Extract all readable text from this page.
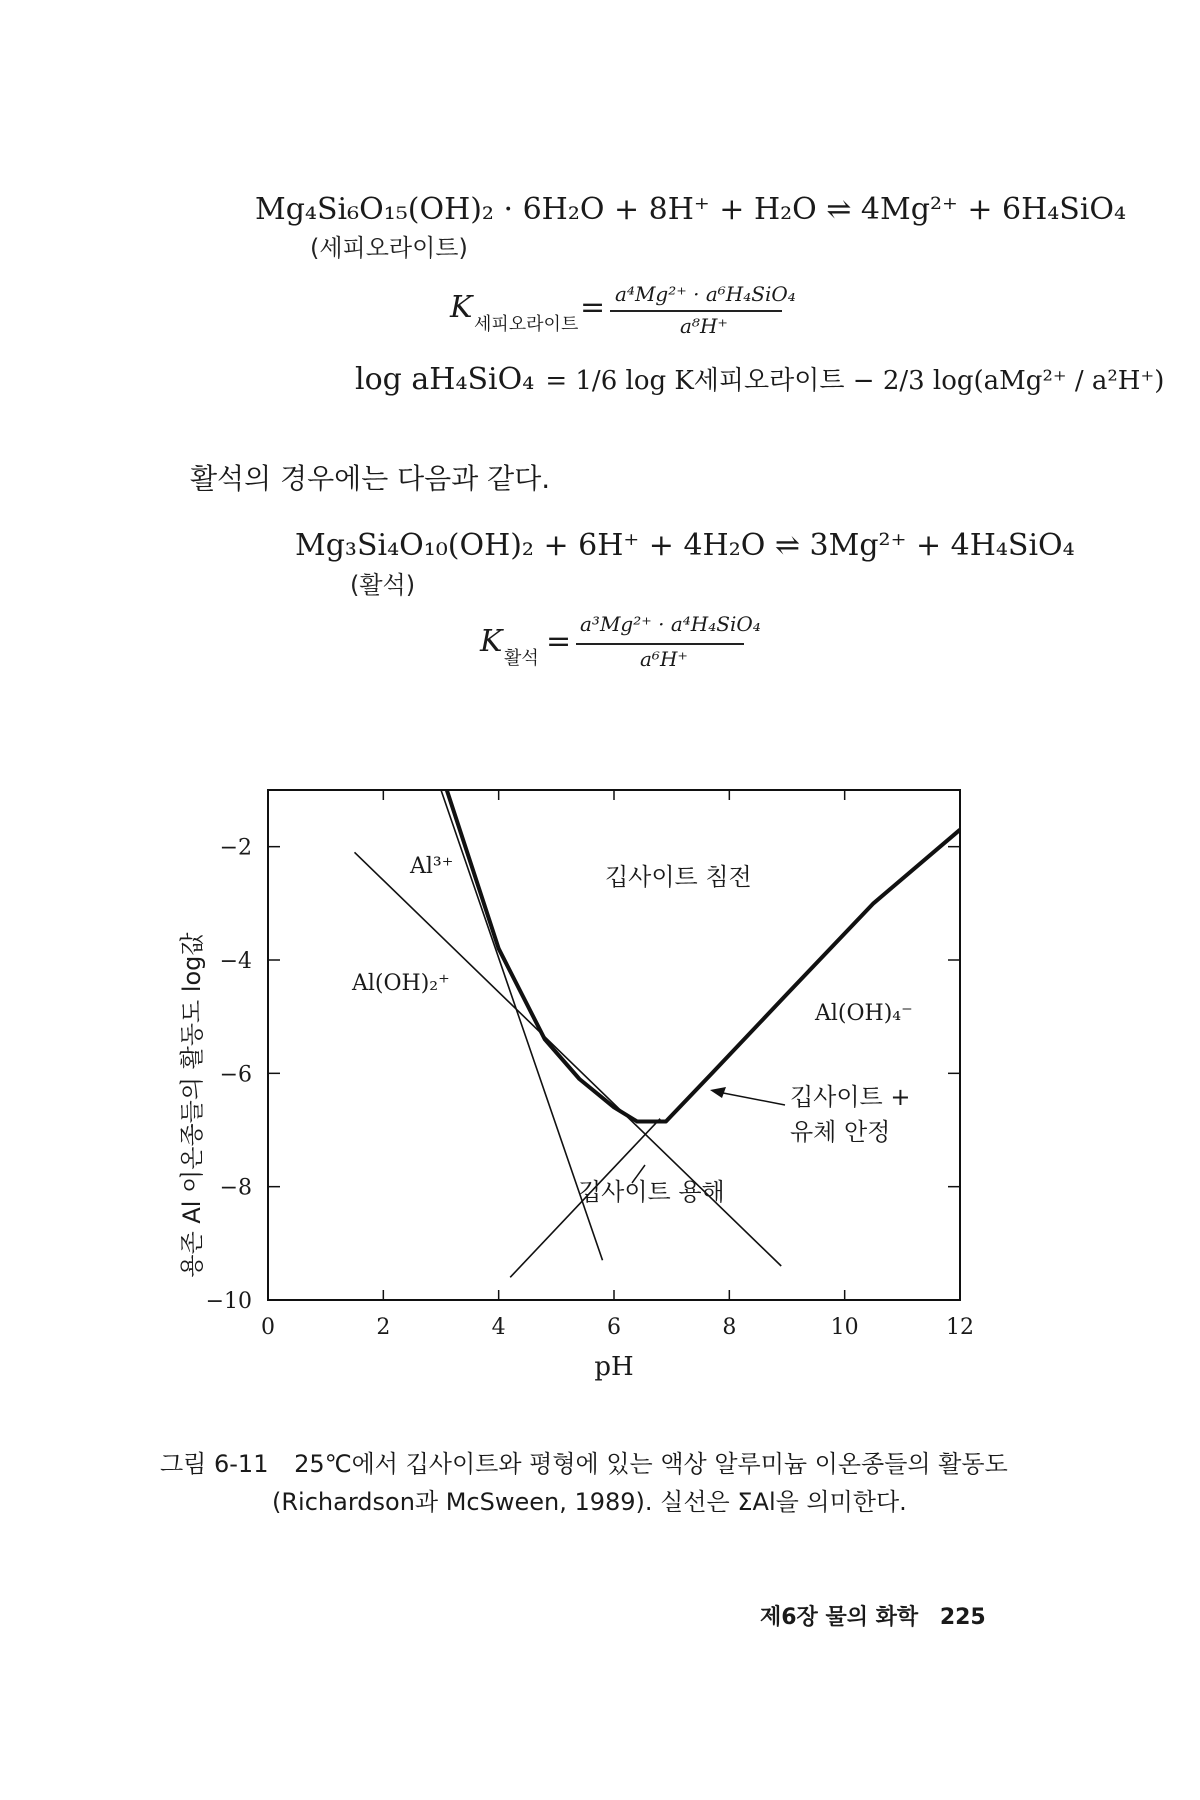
Mg₄Si₆O₁₅(OH)₂ · 6H₂O + 8H⁺ + H₂O ⇌ 4Mg²⁺ + 6H₄SiO₄
(세피오라이트)
K 세피오라이트 = a⁴Mg²⁺ · a⁶H₄SiO₄
a⁸H⁺
log aH₄SiO₄ = 1/6 log K세피오라이트 − 2/3 log(aMg²⁺ / a²H⁺)
활석의 경우에는 다음과 같다.
Mg₃Si₄O₁₀(OH)₂ + 6H⁺ + 4H₂O ⇌ 3Mg²⁺ + 4H₄SiO₄
(활석)
K 활석 = a³Mg²⁺ · a⁴H₄SiO₄
a⁶H⁺
0	2	4	6	8	10	12
−2
−4
−6
−8
−10
용존 Al 이온종들의 활동도 log값
pH
Al³⁺
Al(OH)₂⁺
Al(OH)₄⁻
깁사이트 침전
깁사이트 +
유체 안정
깁사이트 용해
그림 6-11 25℃에서 깁사이트와 평형에 있는 액상 알루미늄 이온종들의 활동도
(Richardson과 McSween, 1989). 실선은 ΣAl을 의미한다.
제6장 물의 화학 225
